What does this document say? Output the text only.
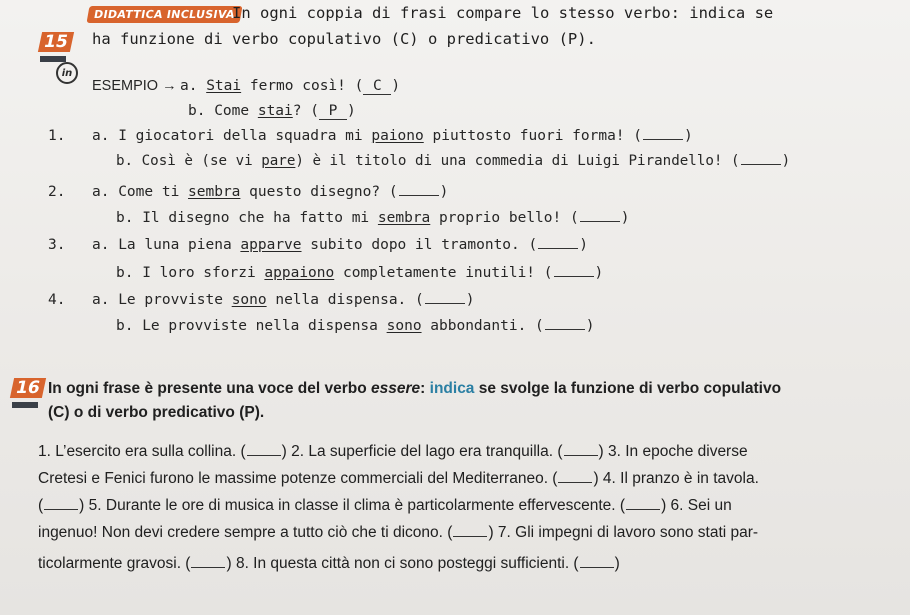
15
DIDATTICA INCLUSIVA
In ogni coppia di frasi compare lo stesso verbo: indica se
ha funzione di verbo copulativo (C) o predicativo (P).
in
ESEMPIO → a. Stai fermo così! ( C )
b. Come stai? ( P )
1. a. I giocatori della squadra mi paiono piuttosto fuori forma! (	)
b. Così è (se vi pare) è il titolo di una commedia di Luigi Pirandello! (	)
2. a. Come ti sembra questo disegno? (	)
b. Il disegno che ha fatto mi sembra proprio bello! (	)
3. a. La luna piena apparve subito dopo il tramonto. (	)
b. I loro sforzi appaiono completamente inutili! (	)
4. a. Le provviste sono nella dispensa. (	)
b. Le provviste nella dispensa sono abbondanti. (	)
16 In ogni frase è presente una voce del verbo essere: indica se svolge la funzione di verbo copulativo
(C) o di verbo predicativo (P).
1. L’esercito era sulla collina. ( ) 2. La superficie del lago era tranquilla. ( ) 3. In epoche diverse
Cretesi e Fenici furono le massime potenze commerciali del Mediterraneo. ( ) 4. Il pranzo è in tavola.
( ) 5. Durante le ore di musica in classe il clima è particolarmente effervescente. ( ) 6. Sei un
ingenuo! Non devi credere sempre a tutto ciò che ti dicono. ( ) 7. Gli impegni di lavoro sono stati par-
ticolarmente gravosi. ( ) 8. In questa città non ci sono posteggi sufficienti. ( )
